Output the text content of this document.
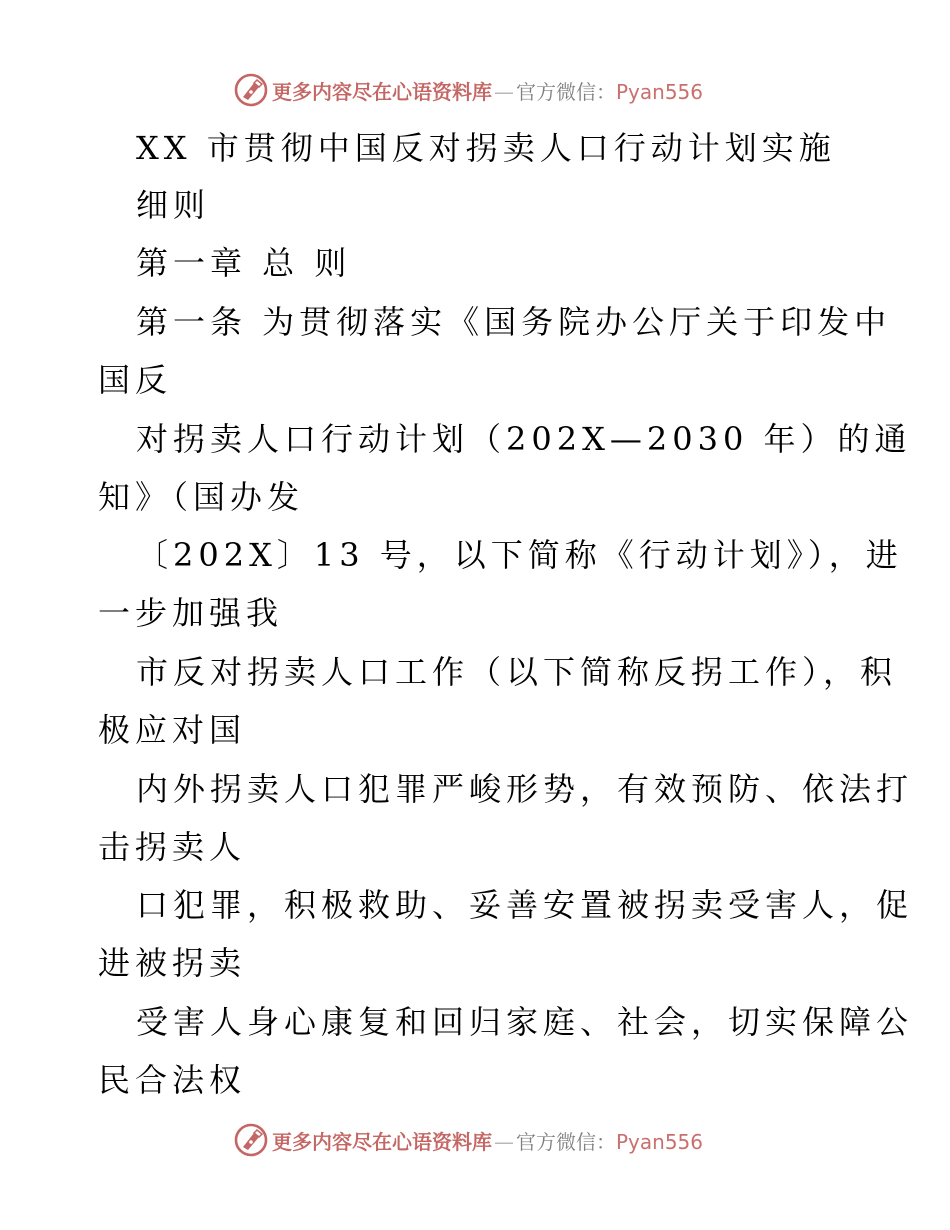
更多内容尽在心语资料库 — 官方微信：Pyan556
XX 市贯彻中国反对拐卖人口行动计划实施
细则
第一章 总 则
第一条 为贯彻落实《国务院办公厅关于印发中
国反
对拐卖人口行动计划（202X—2030 年）的通
知》（国办发
〔202X〕13 号，以下简称《行动计划》），进
一步加强我
市反对拐卖人口工作（以下简称反拐工作），积
极应对国
内外拐卖人口犯罪严峻形势，有效预防、依法打
击拐卖人
口犯罪，积极救助、妥善安置被拐卖受害人，促
进被拐卖
受害人身心康复和回归家庭、社会，切实保障公
民合法权
更多内容尽在心语资料库 — 官方微信：Pyan556
